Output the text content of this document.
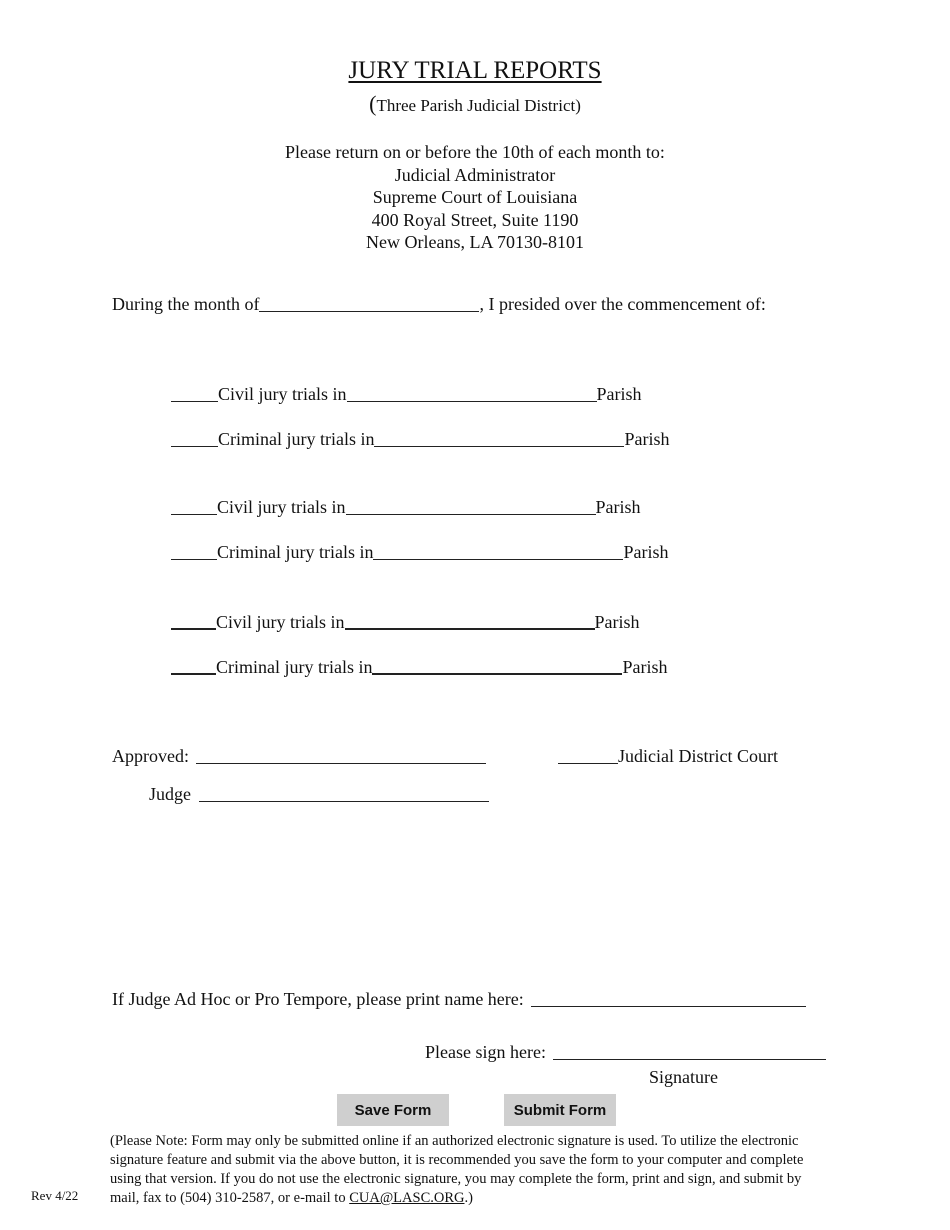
JURY TRIAL REPORTS
(Three Parish Judicial District)
Please return on or before the 10th of each month to:
Judicial Administrator
Supreme Court of Louisiana
400 Royal Street, Suite 1190
New Orleans, LA 70130-8101
During the month of	, I presided over the commencement of:
Civil jury trials in	Parish
Criminal jury trials in	Parish
Civil jury trials in	Parish
Criminal jury trials in	Parish
Civil jury trials in	Parish
Criminal jury trials in	Parish
Approved:	Judicial District Court
Judge
If Judge Ad Hoc or Pro Tempore, please print name here:
Please sign here:
Signature
Save Form	Submit Form
(Please Note: Form may only be submitted online if an authorized electronic signature is used. To utilize the electronic signature feature and submit via the above button, it is recommended you save the form to your computer and complete using that version. If you do not use the electronic signature, you may complete the form, print and sign, and submit by mail, fax to (504) 310-2587, or e-mail to CUA@LASC.ORG.)
Rev 4/22
